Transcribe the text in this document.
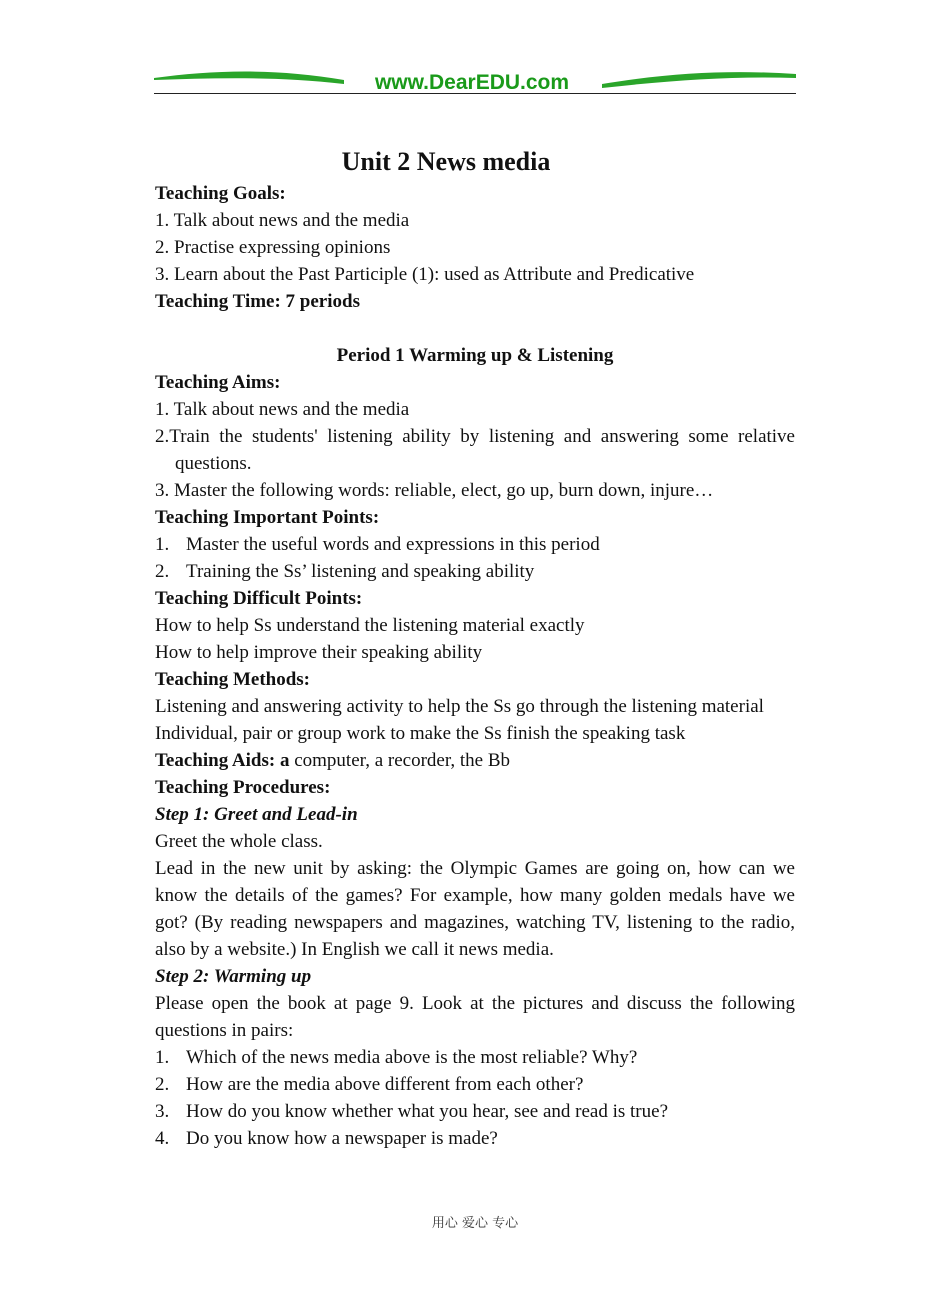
www.DearEDU.com
Unit 2 News media

Teaching Goals:

1. Talk about news and the media

2. Practise expressing opinions

3. Learn about the Past Participle (1): used as Attribute and Predicative

Teaching Time: 7 periods

Period 1 Warming up & Listening

Teaching Aims:

1. Talk about news and the media

2.Train the students' listening ability by listening and answering some relative questions.

3. Master the following words: reliable, elect, go up, burn down, injure…

Teaching Important Points:

1. Master the useful words and expressions in this period
2. Training the Ss’ listening and speaking ability

Teaching Difficult Points:

How to help Ss understand the listening material exactly

How to help improve their speaking ability

Teaching Methods:

Listening and answering activity to help the Ss go through the listening material

Individual, pair or group work to make the Ss finish the speaking task

Teaching Aids: a computer, a recorder, the Bb

Teaching Procedures:

Step 1: Greet and Lead-in

Greet the whole class.

Lead in the new unit by asking: the Olympic Games are going on, how can we know the details of the games? For example, how many golden medals have we got? (By reading newspapers and magazines, watching TV, listening to the radio, also by a website.) In English we call it news media.

Step 2: Warming up

Please open the book at page 9. Look at the pictures and discuss the following questions in pairs:

1. Which of the news media above is the most reliable? Why?
2. How are the media above different from each other?
3. How do you know whether what you hear, see and read is true?
4. Do you know how a newspaper is made?
用心 爱心 专心
